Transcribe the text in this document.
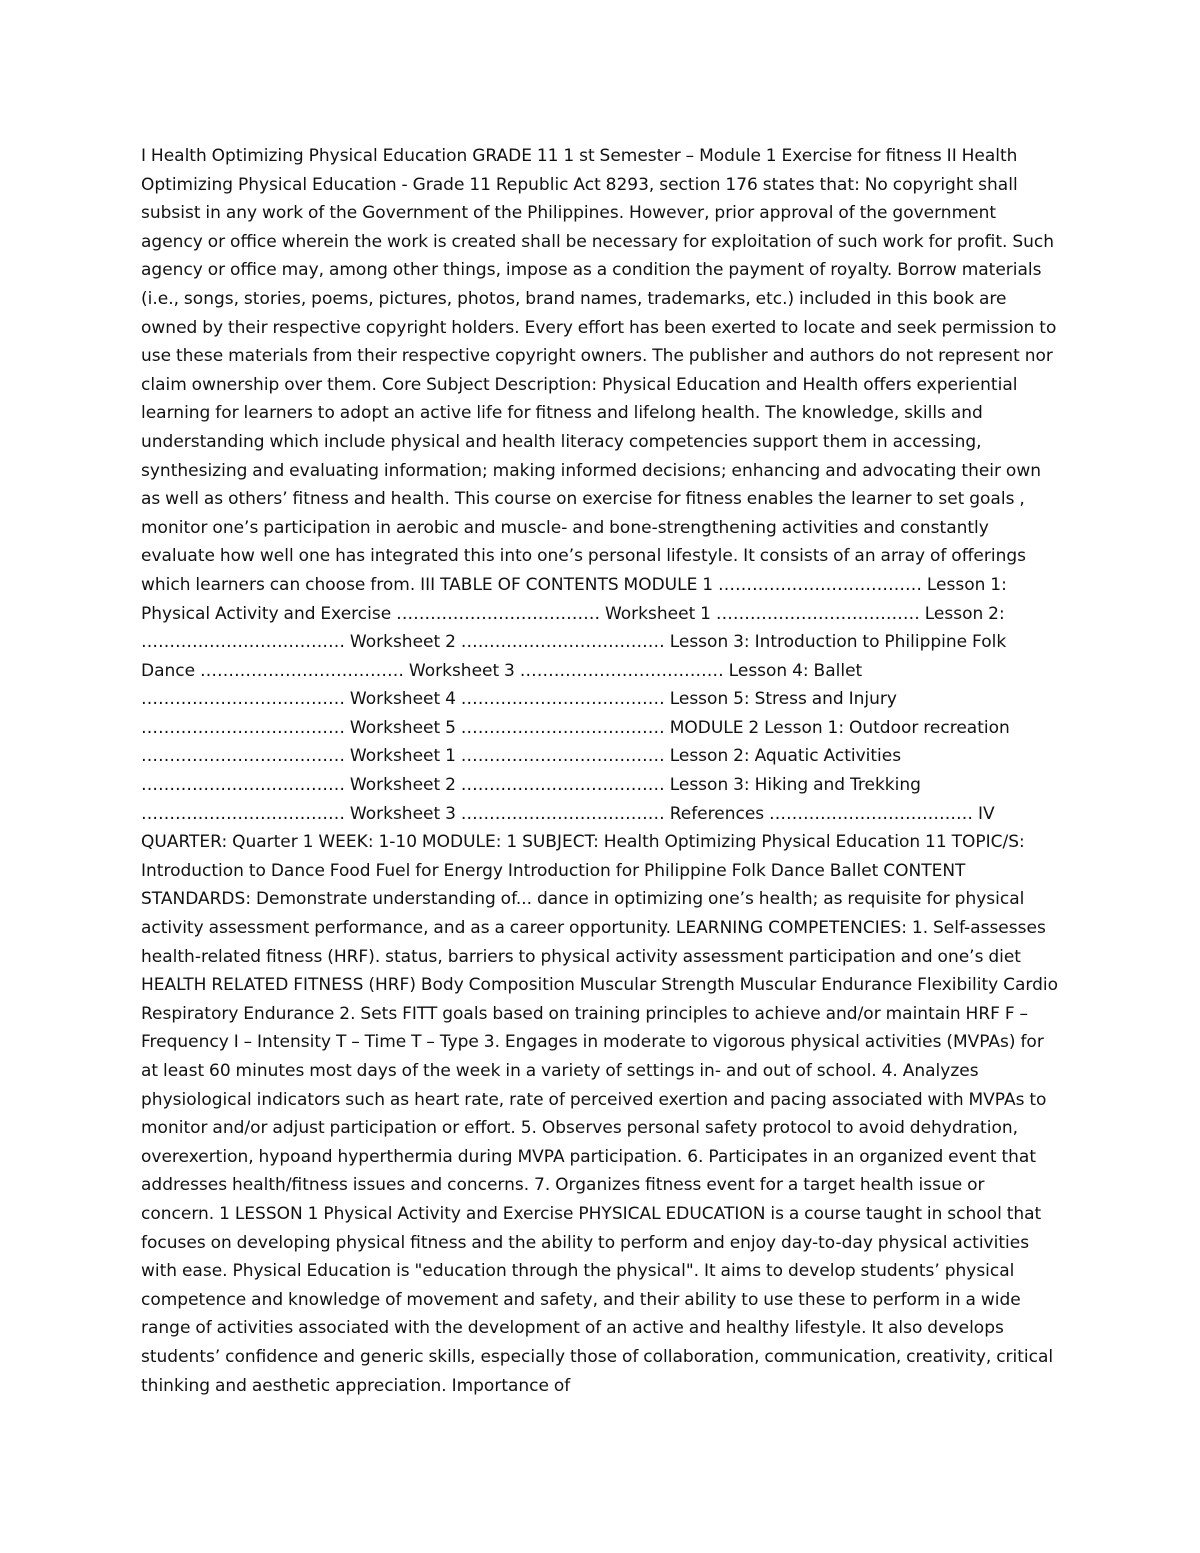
I Health Optimizing Physical Education GRADE 11 1 st Semester – Module 1 Exercise for fitness II Health Optimizing Physical Education - Grade 11 Republic Act 8293, section 176 states that: No copyright shall subsist in any work of the Government of the Philippines. However, prior approval of the government agency or office wherein the work is created shall be necessary for exploitation of such work for profit. Such agency or office may, among other things, impose as a condition the payment of royalty. Borrow materials (i.e., songs, stories, poems, pictures, photos, brand names, trademarks, etc.) included in this book are owned by their respective copyright holders. Every effort has been exerted to locate and seek permission to use these materials from their respective copyright owners. The publisher and authors do not represent nor claim ownership over them. Core Subject Description: Physical Education and Health offers experiential learning for learners to adopt an active life for fitness and lifelong health. The knowledge, skills and understanding which include physical and health literacy competencies support them in accessing, synthesizing and evaluating information; making informed decisions; enhancing and advocating their own as well as others’ fitness and health. This course on exercise for fitness enables the learner to set goals , monitor one’s participation in aerobic and muscle- and bone-strengthening activities and constantly evaluate how well one has integrated this into one’s personal lifestyle. It consists of an array of offerings which learners can choose from. III TABLE OF CONTENTS MODULE 1 ……………………………… Lesson 1: Physical Activity and Exercise ……………………………… Worksheet 1 ……………………………… Lesson 2: ……………………………… Worksheet 2 ……………………………… Lesson 3: Introduction to Philippine Folk Dance ……………………………… Worksheet 3 ……………………………… Lesson 4: Ballet ……………………………… Worksheet 4 ……………………………… Lesson 5: Stress and Injury ……………………………… Worksheet 5 ……………………………… MODULE 2 Lesson 1: Outdoor recreation ……………………………… Worksheet 1 ……………………………… Lesson 2: Aquatic Activities ……………………………… Worksheet 2 ……………………………… Lesson 3: Hiking and Trekking ……………………………… Worksheet 3 ……………………………… References ……………………………… IV QUARTER: Quarter 1 WEEK: 1-10 MODULE: 1 SUBJECT: Health Optimizing Physical Education 11 TOPIC/S: Introduction to Dance Food Fuel for Energy Introduction for Philippine Folk Dance Ballet CONTENT STANDARDS: Demonstrate understanding of... dance in optimizing one’s health; as requisite for physical activity assessment performance, and as a career opportunity. LEARNING COMPETENCIES: 1. Self-assesses health-related fitness (HRF). status, barriers to physical activity assessment participation and one’s diet HEALTH RELATED FITNESS (HRF) Body Composition Muscular Strength Muscular Endurance Flexibility Cardio Respiratory Endurance 2. Sets FITT goals based on training principles to achieve and/or maintain HRF F – Frequency I – Intensity T – Time T – Type 3. Engages in moderate to vigorous physical activities (MVPAs) for at least 60 minutes most days of the week in a variety of settings in- and out of school. 4. Analyzes physiological indicators such as heart rate, rate of perceived exertion and pacing associated with MVPAs to monitor and/or adjust participation or effort. 5. Observes personal safety protocol to avoid dehydration, overexertion, hypoand hyperthermia during MVPA participation. 6. Participates in an organized event that addresses health/fitness issues and concerns. 7. Organizes fitness event for a target health issue or concern. 1 LESSON 1 Physical Activity and Exercise PHYSICAL EDUCATION is a course taught in school that focuses on developing physical fitness and the ability to perform and enjoy day-to-day physical activities with ease. Physical Education is "education through the physical". It aims to develop students’ physical competence and knowledge of movement and safety, and their ability to use these to perform in a wide range of activities associated with the development of an active and healthy lifestyle. It also develops students’ confidence and generic skills, especially those of collaboration, communication, creativity, critical thinking and aesthetic appreciation. Importance of
